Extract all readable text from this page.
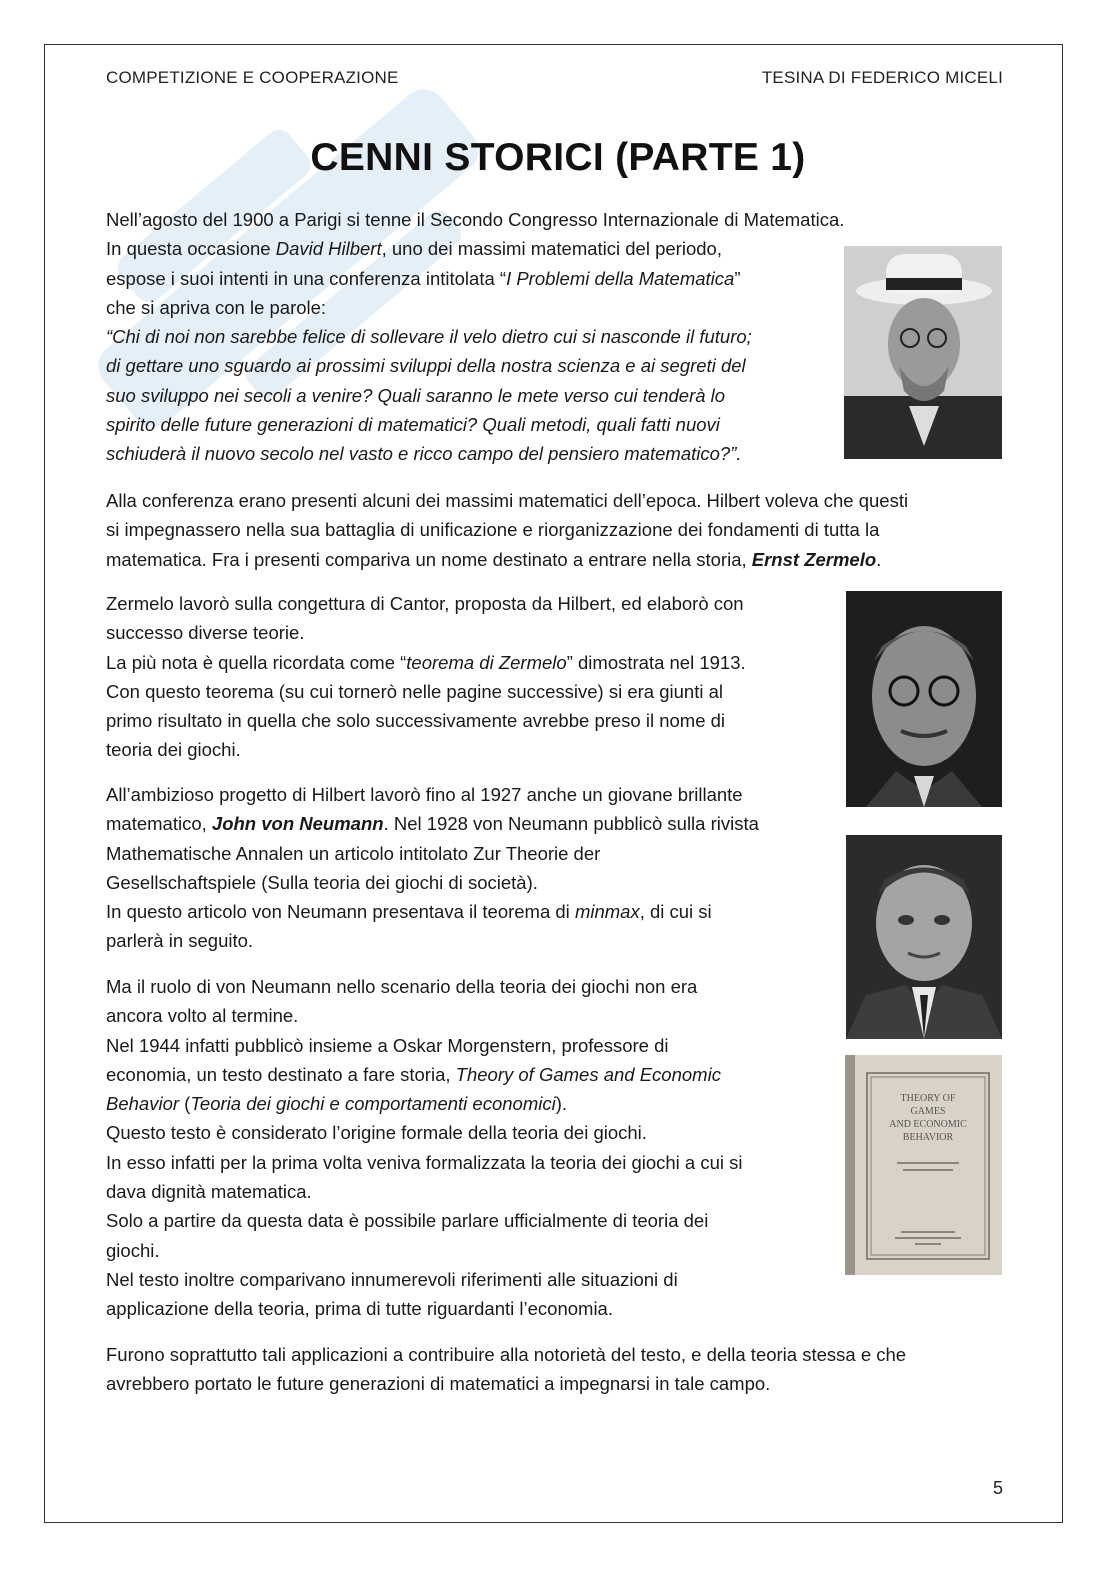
COMPETIZIONE E COOPERAZIONE	TESINA DI FEDERICO MICELI
CENNI STORICI (PARTE 1)

Nell’agosto del 1900 a Parigi si tenne il Secondo Congresso Internazionale di Matematica.

In questa occasione David Hilbert, uno dei massimi matematici del periodo,

espose i suoi intenti in una conferenza intitolata “I Problemi della Matematica”

che si apriva con le parole:

“Chi di noi non sarebbe felice di sollevare il velo dietro cui si nasconde il futuro;

di gettare uno sguardo ai prossimi sviluppi della nostra scienza e ai segreti del

suo sviluppo nei secoli a venire? Quali saranno le mete verso cui tenderà lo

spirito delle future generazioni di matematici? Quali metodi, quali fatti nuovi

schiuderà il nuovo secolo nel vasto e ricco campo del pensiero matematico?”.

Alla conferenza erano presenti alcuni dei massimi matematici dell’epoca. Hilbert voleva che questi

si impegnassero nella sua battaglia di unificazione e riorganizzazione dei fondamenti di tutta la

matematica. Fra i presenti compariva un nome destinato a entrare nella storia, Ernst Zermelo.

Zermelo lavorò sulla congettura di Cantor, proposta da Hilbert, ed elaborò con

successo diverse teorie.

La più nota è quella ricordata come “teorema di Zermelo” dimostrata nel 1913.

Con questo teorema (su cui tornerò nelle pagine successive) si era giunti al

primo risultato in quella che solo successivamente avrebbe preso il nome di

teoria dei giochi.

All’ambizioso progetto di Hilbert lavorò fino al 1927 anche un giovane brillante

matematico, John von Neumann. Nel 1928 von Neumann pubblicò sulla rivista

Mathematische Annalen un articolo intitolato Zur Theorie der

Gesellschaftspiele (Sulla teoria dei giochi di società).

In questo articolo von Neumann presentava il teorema di minmax, di cui si

parlerà in seguito.

Ma il ruolo di von Neumann nello scenario della teoria dei giochi non era

ancora volto al termine.

Nel 1944 infatti pubblicò insieme a Oskar Morgenstern, professore di

economia, un testo destinato a fare storia, Theory of Games and Economic

Behavior (Teoria dei giochi e comportamenti economici).

Questo testo è considerato l’origine formale della teoria dei giochi.

In esso infatti per la prima volta veniva formalizzata la teoria dei giochi a cui si

dava dignità matematica.

Solo a partire da questa data è possibile parlare ufficialmente di teoria dei

giochi.

Nel testo inoltre comparivano innumerevoli riferimenti alle situazioni di

applicazione della teoria, prima di tutte riguardanti l’economia.

Furono soprattutto tali applicazioni a contribuire alla notorietà del testo, e della teoria stessa e che

avrebbero portato le future generazioni di matematici a impegnarsi in tale campo.

THEORY OF
GAMES
AND ECONOMIC
BEHAVIOR
5
